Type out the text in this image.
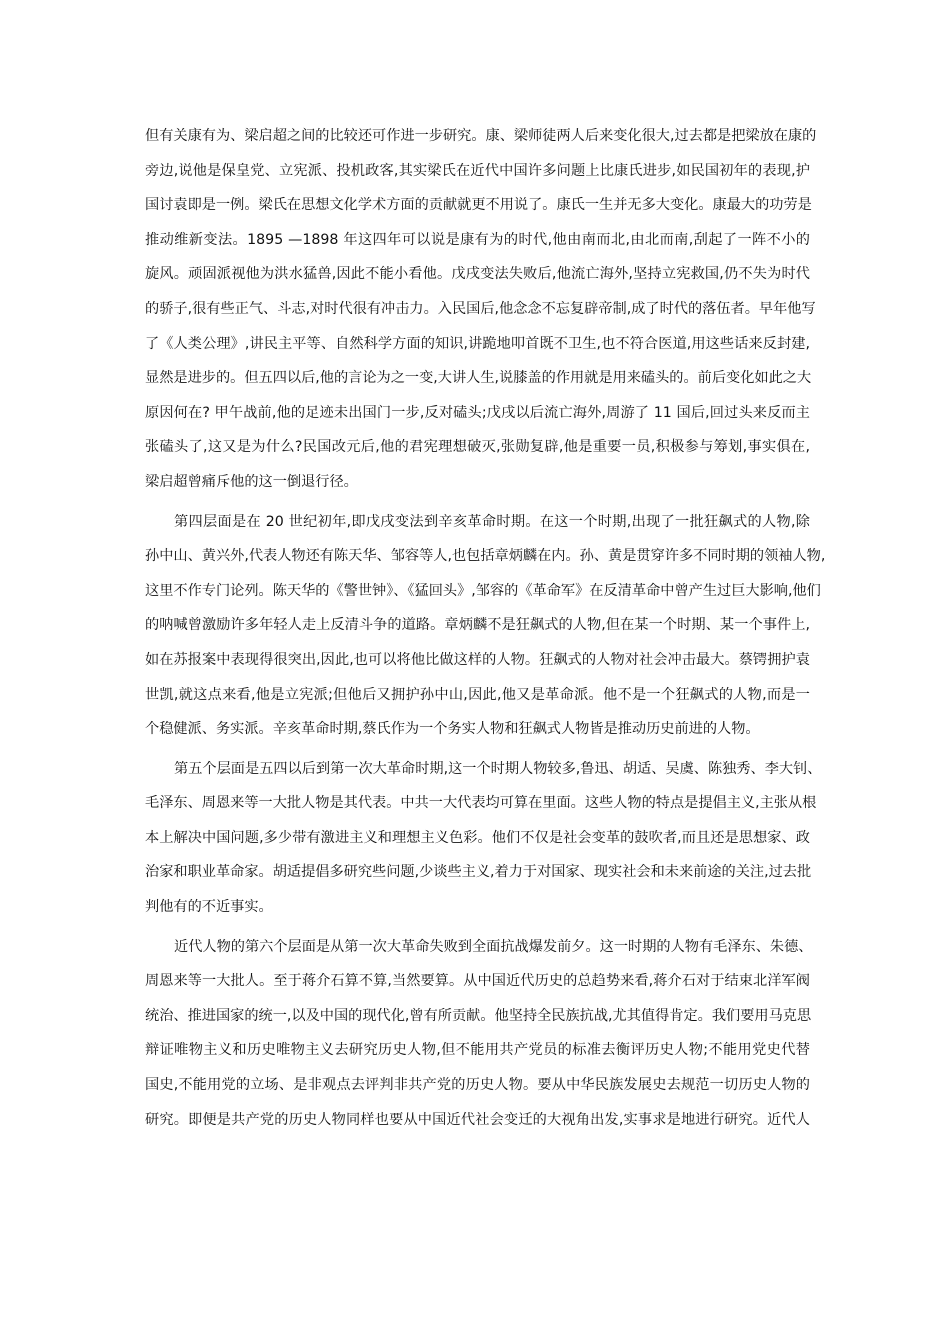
但有关康有为、梁启超之间的比较还可作进一步研究。康、梁师徒两人后来变化很大,过去都是把梁放在康的
旁边,说他是保皇党、立宪派、投机政客,其实梁氏在近代中国许多问题上比康氏进步,如民国初年的表现,护
国讨袁即是一例。梁氏在思想文化学术方面的贡献就更不用说了。康氏一生并无多大变化。康最大的功劳是
推动维新变法。1895 —1898 年这四年可以说是康有为的时代,他由南而北,由北而南,刮起了一阵不小的
旋风。顽固派视他为洪水猛兽,因此不能小看他。戊戌变法失败后,他流亡海外,坚持立宪救国,仍不失为时代
的骄子,很有些正气、斗志,对时代很有冲击力。入民国后,他念念不忘复辟帝制,成了时代的落伍者。早年他写
了《人类公理》,讲民主平等、自然科学方面的知识,讲跪地叩首既不卫生,也不符合医道,用这些话来反封建,
显然是进步的。但五四以后,他的言论为之一变,大讲人生,说膝盖的作用就是用来磕头的。前后变化如此之大
原因何在? 甲午战前,他的足迹未出国门一步,反对磕头;戊戌以后流亡海外,周游了 11 国后,回过头来反而主
张磕头了,这又是为什么?民国改元后,他的君宪理想破灭,张勋复辟,他是重要一员,积极参与筹划,事实俱在,
梁启超曾痛斥他的这一倒退行径。
第四层面是在 20 世纪初年,即戊戌变法到辛亥革命时期。在这一个时期,出现了一批狂飙式的人物,除
孙中山、黄兴外,代表人物还有陈天华、邹容等人,也包括章炳麟在内。孙、黄是贯穿许多不同时期的领袖人物,
这里不作专门论列。陈天华的《警世钟》、《猛回头》,邹容的《革命军》在反清革命中曾产生过巨大影响,他们
的呐喊曾激励许多年轻人走上反清斗争的道路。章炳麟不是狂飙式的人物,但在某一个时期、某一个事件上,
如在苏报案中表现得很突出,因此,也可以将他比做这样的人物。狂飙式的人物对社会冲击最大。蔡锷拥护袁
世凯,就这点来看,他是立宪派;但他后又拥护孙中山,因此,他又是革命派。他不是一个狂飙式的人物,而是一
个稳健派、务实派。辛亥革命时期,蔡氏作为一个务实人物和狂飙式人物皆是推动历史前进的人物。
第五个层面是五四以后到第一次大革命时期,这一个时期人物较多,鲁迅、胡适、吴虞、陈独秀、李大钊、
毛泽东、周恩来等一大批人物是其代表。中共一大代表均可算在里面。这些人物的特点是提倡主义,主张从根
本上解决中国问题,多少带有激进主义和理想主义色彩。他们不仅是社会变革的鼓吹者,而且还是思想家、政
治家和职业革命家。胡适提倡多研究些问题,少谈些主义,着力于对国家、现实社会和未来前途的关注,过去批
判他有的不近事实。
近代人物的第六个层面是从第一次大革命失败到全面抗战爆发前夕。这一时期的人物有毛泽东、朱德、
周恩来等一大批人。至于蒋介石算不算,当然要算。从中国近代历史的总趋势来看,蒋介石对于结束北洋军阀
统治、推进国家的统一,以及中国的现代化,曾有所贡献。他坚持全民族抗战,尤其值得肯定。我们要用马克思
辩证唯物主义和历史唯物主义去研究历史人物,但不能用共产党员的标准去衡评历史人物;不能用党史代替
国史,不能用党的立场、是非观点去评判非共产党的历史人物。要从中华民族发展史去规范一切历史人物的
研究。即便是共产党的历史人物同样也要从中国近代社会变迁的大视角出发,实事求是地进行研究。近代人
